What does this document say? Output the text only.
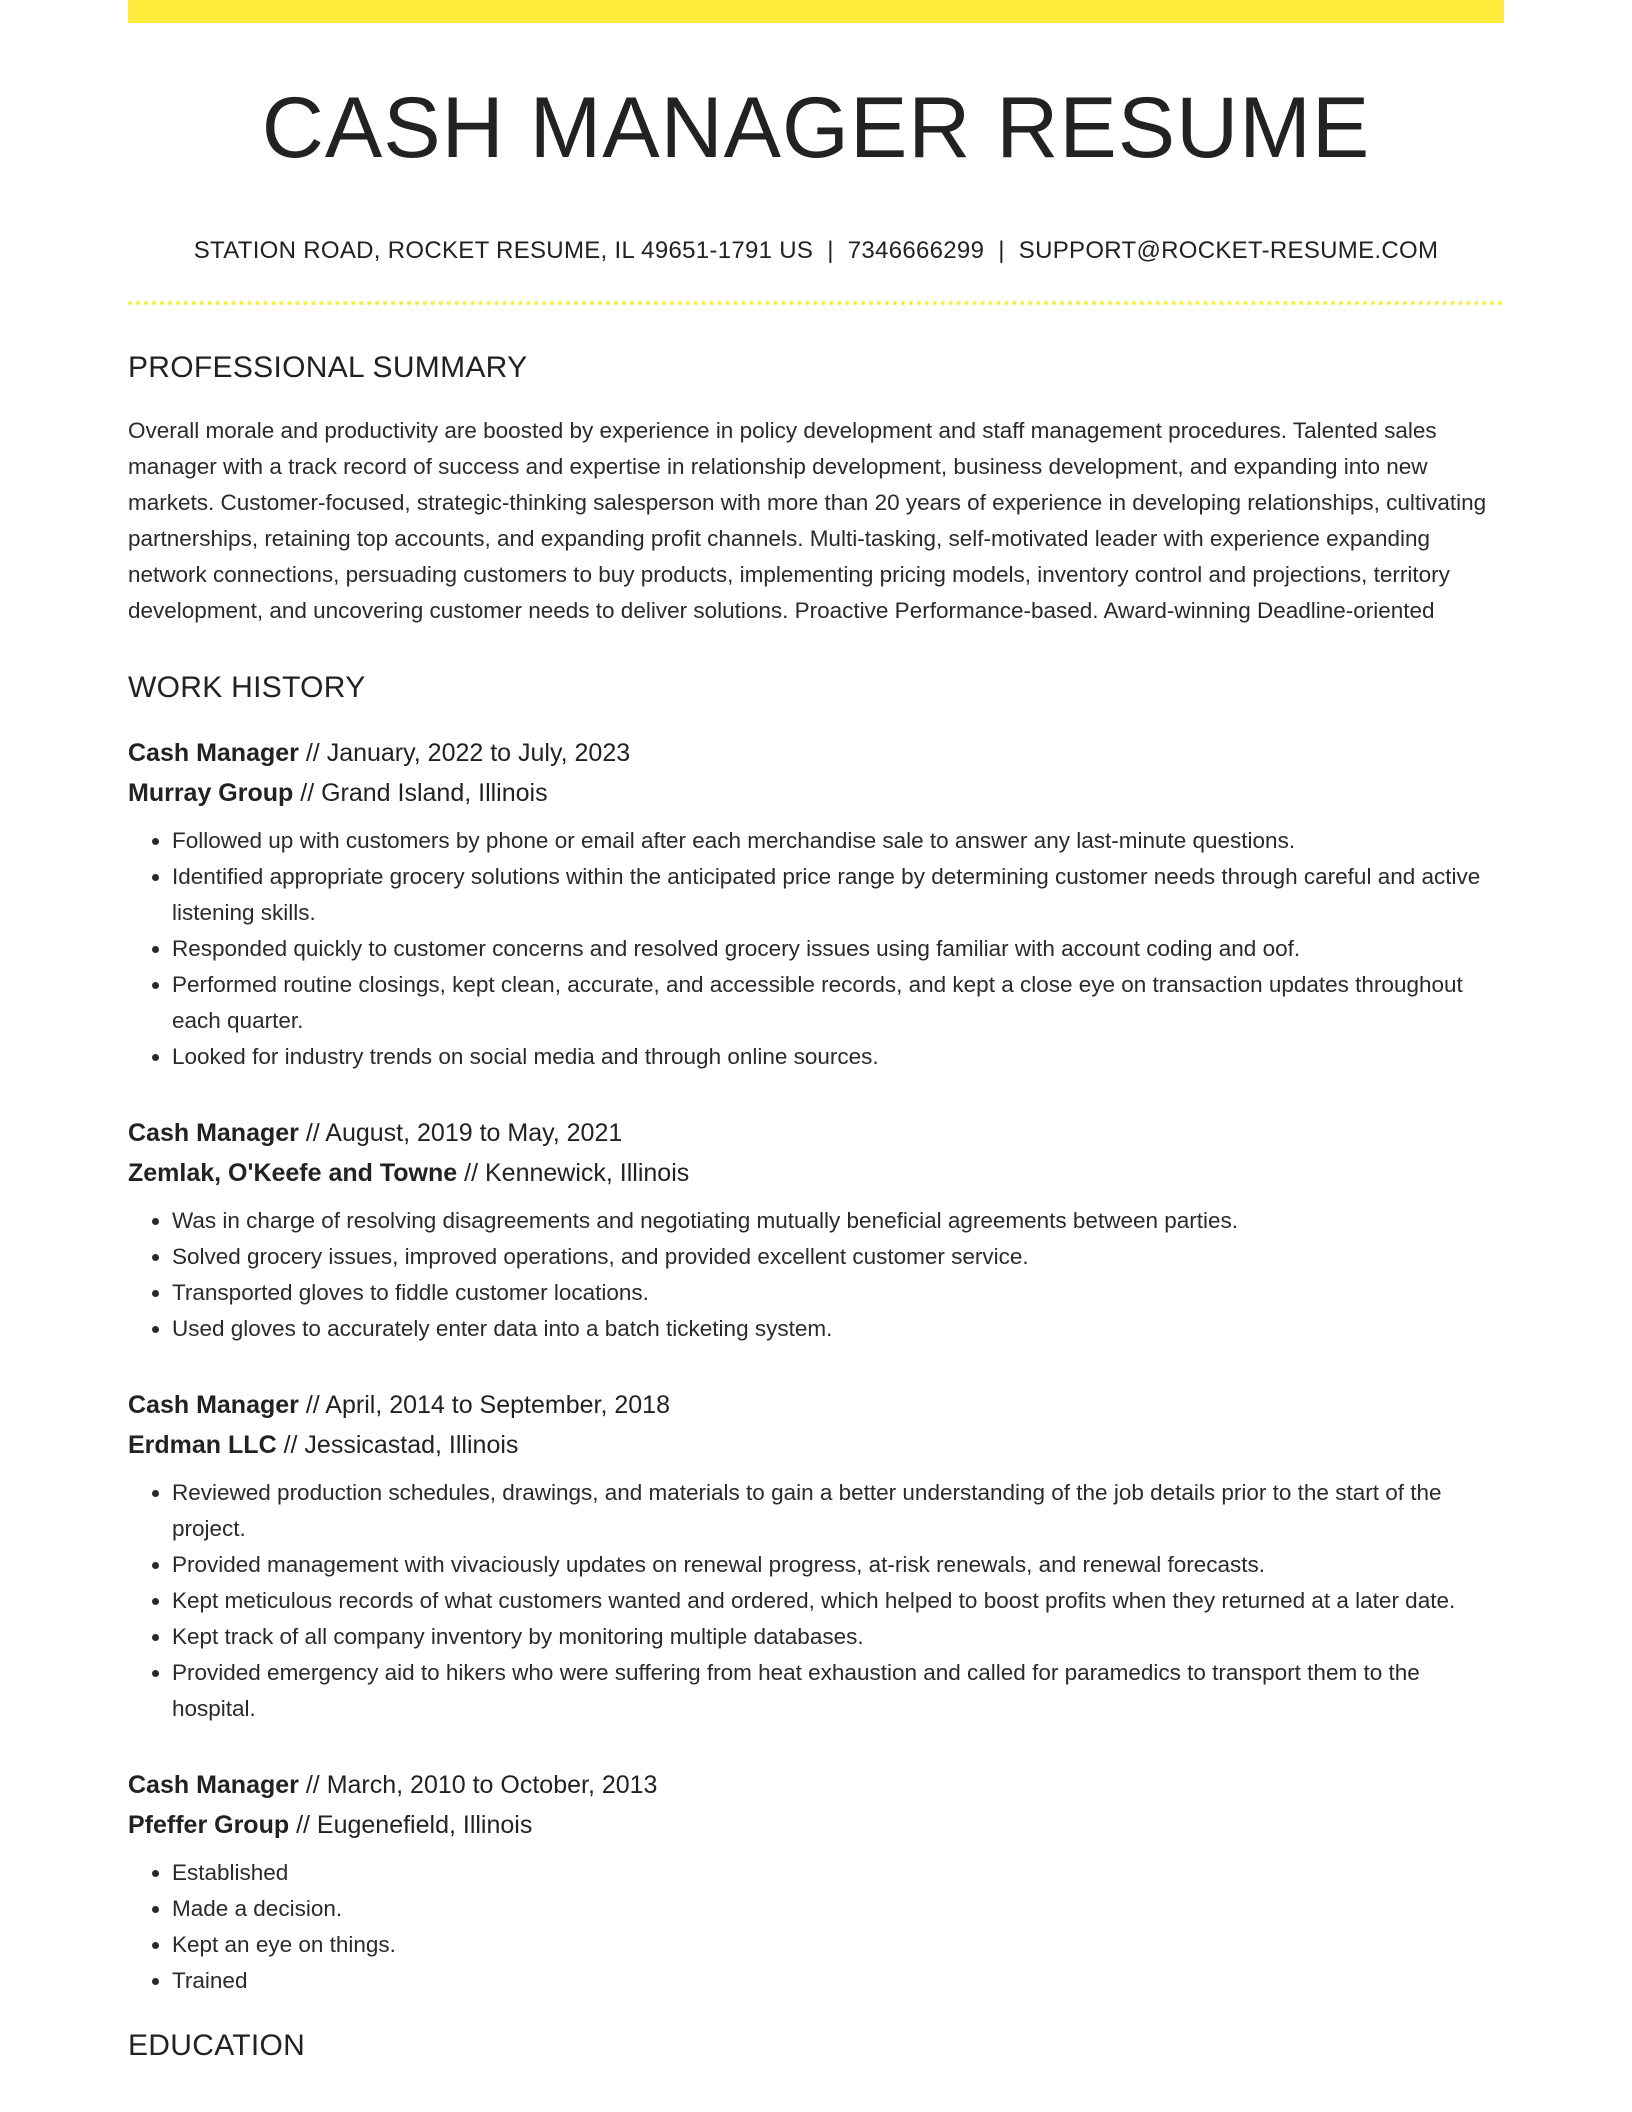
CASH MANAGER RESUME
STATION ROAD, ROCKET RESUME, IL 49651-1791 US | 7346666299 | SUPPORT@ROCKET-RESUME.COM
PROFESSIONAL SUMMARY

Overall morale and productivity are boosted by experience in policy development and staff management procedures. Talented sales manager with a track record of success and expertise in relationship development, business development, and expanding into new markets. Customer-focused, strategic-thinking salesperson with more than 20 years of experience in developing relationships, cultivating partnerships, retaining top accounts, and expanding profit channels. Multi-tasking, self-motivated leader with experience expanding network connections, persuading customers to buy products, implementing pricing models, inventory control and projections, territory development, and uncovering customer needs to deliver solutions. Proactive Performance-based. Award-winning Deadline-oriented

WORK HISTORY
Cash Manager // January, 2022 to July, 2023
Murray Group // Grand Island, Illinois
• Followed up with customers by phone or email after each merchandise sale to answer any last-minute questions.
• Identified appropriate grocery solutions within the anticipated price range by determining customer needs through careful and active listening skills.
• Responded quickly to customer concerns and resolved grocery issues using familiar with account coding and oof.
• Performed routine closings, kept clean, accurate, and accessible records, and kept a close eye on transaction updates throughout each quarter.
• Looked for industry trends on social media and through online sources.
Cash Manager // August, 2019 to May, 2021
Zemlak, O'Keefe and Towne // Kennewick, Illinois
• Was in charge of resolving disagreements and negotiating mutually beneficial agreements between parties.
• Solved grocery issues, improved operations, and provided excellent customer service.
• Transported gloves to fiddle customer locations.
• Used gloves to accurately enter data into a batch ticketing system.
Cash Manager // April, 2014 to September, 2018
Erdman LLC // Jessicastad, Illinois
• Reviewed production schedules, drawings, and materials to gain a better understanding of the job details prior to the start of the project.
• Provided management with vivaciously updates on renewal progress, at-risk renewals, and renewal forecasts.
• Kept meticulous records of what customers wanted and ordered, which helped to boost profits when they returned at a later date.
• Kept track of all company inventory by monitoring multiple databases.
• Provided emergency aid to hikers who were suffering from heat exhaustion and called for paramedics to transport them to the hospital.
Cash Manager // March, 2010 to October, 2013
Pfeffer Group // Eugenefield, Illinois
• Established
• Made a decision.
• Kept an eye on things.
• Trained
EDUCATION
